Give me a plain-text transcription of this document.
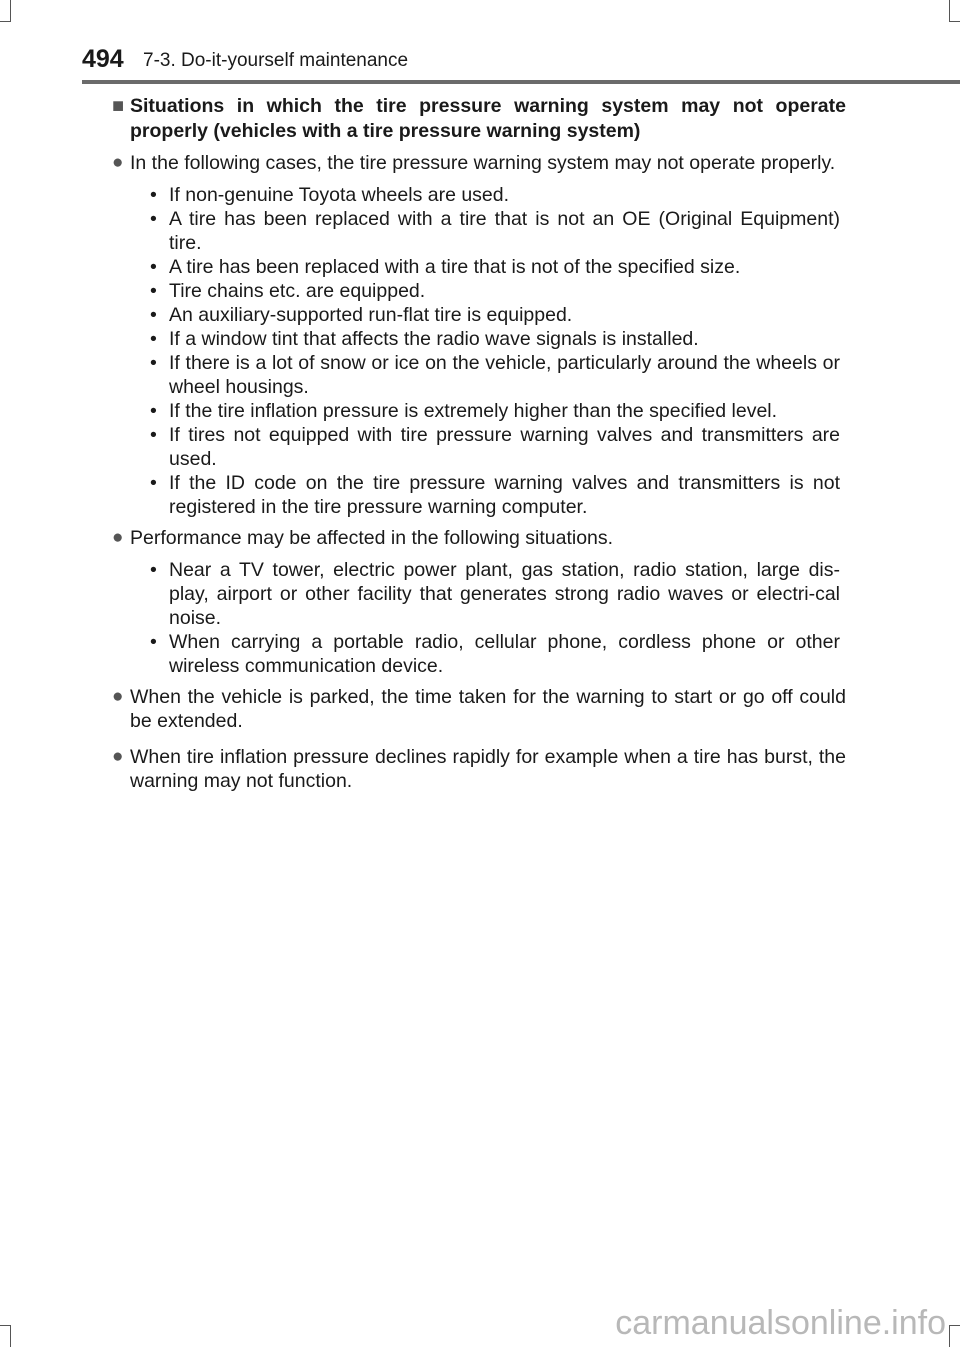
494 7-3. Do-it-yourself maintenance
■ Situations in which the tire pressure warning system may not operate properly (vehicles with a tire pressure warning system)
● In the following cases, the tire pressure warning system may not operate properly.
• If non-genuine Toyota wheels are used.
• A tire has been replaced with a tire that is not an OE (Original Equipment) tire.
• A tire has been replaced with a tire that is not of the specified size.
• Tire chains etc. are equipped.
• An auxiliary-supported run-flat tire is equipped.
• If a window tint that affects the radio wave signals is installed.
• If there is a lot of snow or ice on the vehicle, particularly around the wheels or wheel housings.
• If the tire inflation pressure is extremely higher than the specified level.
• If tires not equipped with tire pressure warning valves and transmitters are used.
• If the ID code on the tire pressure warning valves and transmitters is not registered in the tire pressure warning computer.
● Performance may be affected in the following situations.
• Near a TV tower, electric power plant, gas station, radio station, large dis-play, airport or other facility that generates strong radio waves or electri-cal noise.
• When carrying a portable radio, cellular phone, cordless phone or other wireless communication device.
● When the vehicle is parked, the time taken for the warning to start or go off could be extended.
● When tire inflation pressure declines rapidly for example when a tire has burst, the warning may not function.
carmanualsonline.info
